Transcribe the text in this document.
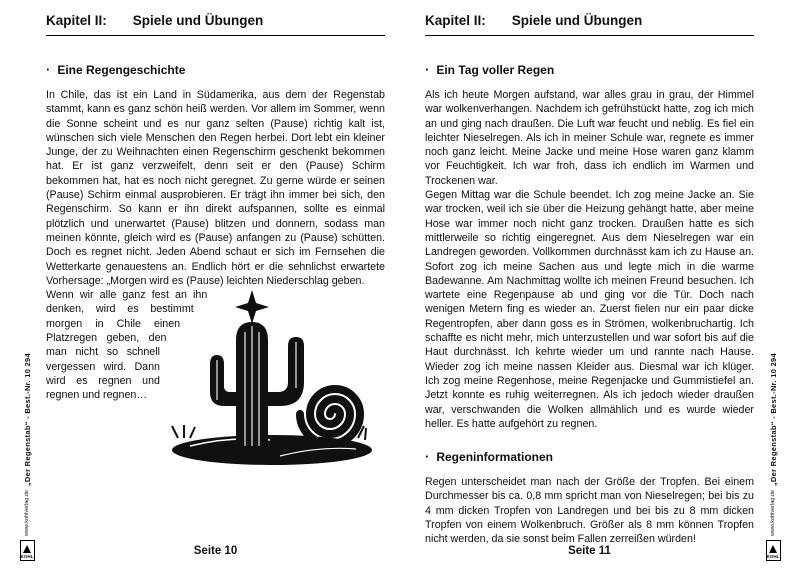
„Der Regenstab“ - Best.-Nr. 10 294
www.kohlverlag.de
KOHL
Kapitel II: Spiele und Übungen
· Eine Regengeschichte

In Chile, das ist ein Land in Südamerika, aus dem der Regenstab stammt, kann es ganz schön heiß werden. Vor allem im Sommer, wenn die Sonne scheint und es nur ganz selten (Pause) richtig kalt ist, wünschen sich viele Menschen den Regen herbei. Dort lebt ein kleiner Junge, der zu Weihnachten einen Regenschirm geschenkt bekommen hat. Er ist ganz verzweifelt, denn seit er den (Pause) Schirm bekommen hat, hat es noch nicht geregnet. Zu gerne würde er seinen (Pause) Schirm einmal ausprobieren. Er trägt ihn immer bei sich, den Regenschirm. So kann er ihn direkt aufspannen, sollte es einmal plötzlich und unerwartet (Pause) blitzen und donnern, sodass man meinen könnte, gleich wird es (Pause) anfangen zu (Pause) schütten. Doch es regnet nicht. Jeden Abend schaut er sich im Fernsehen die Wetterkarte genauestens an. Endlich hört er die sehnlichst erwartete Vorhersage: „Morgen wird es (Pause) leichten Niederschlag geben.

Wenn wir alle ganz fest an ihn denken, wird es bestimmt morgen in Chile einen Platzregen geben, den man nicht so schnell vergessen wird. Dann wird es regnen und regnen und regnen…

Seite 10
„Der Regenstab“ - Best.-Nr. 10 294
www.kohlverlag.de
KOHL
Kapitel II: Spiele und Übungen
· Ein Tag voller Regen

Als ich heute Morgen aufstand, war alles grau in grau, der Himmel war wolkenverhangen. Nachdem ich gefrühstückt hatte, zog ich mich an und ging nach draußen. Die Luft war feucht und neblig. Es fiel ein leichter Nieselregen. Als ich in meiner Schule war, regnete es immer noch ganz leicht. Meine Jacke und meine Hose waren ganz klamm vor Feuchtigkeit. Ich war froh, dass ich endlich im Warmen und Trockenen war.

Gegen Mittag war die Schule beendet. Ich zog meine Jacke an. Sie war trocken, weil ich sie über die Heizung gehängt hatte, aber meine Hose war immer noch nicht ganz trocken. Draußen hatte es sich mittlerweile so richtig eingeregnet. Aus dem Nieselregen war ein Landregen geworden. Vollkommen durchnässt kam ich zu Hause an. Sofort zog ich meine Sachen aus und legte mich in die warme Badewanne. Am Nachmittag wollte ich meinen Freund besuchen. Ich wartete eine Regenpause ab und ging vor die Tür. Doch nach wenigen Metern fing es wieder an. Zuerst fielen nur ein paar dicke Regentropfen, aber dann goss es in Strömen, wolkenbruchartig. Ich schaffte es nicht mehr, mich unterzustellen und war sofort bis auf die Haut durchnässt. Ich kehrte wieder um und rannte nach Hause. Wieder zog ich meine nassen Kleider aus. Diesmal war ich klüger. Ich zog meine Regenhose, meine Regenjacke und Gummistiefel an. Jetzt konnte es ruhig weiterregnen. Als ich jedoch wieder draußen war, verschwanden die Wolken allmählich und es wurde wieder heller. Es hatte aufgehört zu regnen.

· Regeninformationen

Regen unterscheidet man nach der Größe der Tropfen. Bei einem Durchmesser bis ca. 0,8 mm spricht man von Nieselregen; bei bis zu 4 mm dicken Tropfen von Landregen und bei bis zu 8 mm dicken Tropfen von einem Wolkenbruch. Größer als 8 mm können Tropfen nicht werden, da sie sonst beim Fallen zerreißen würden!

Seite 11
